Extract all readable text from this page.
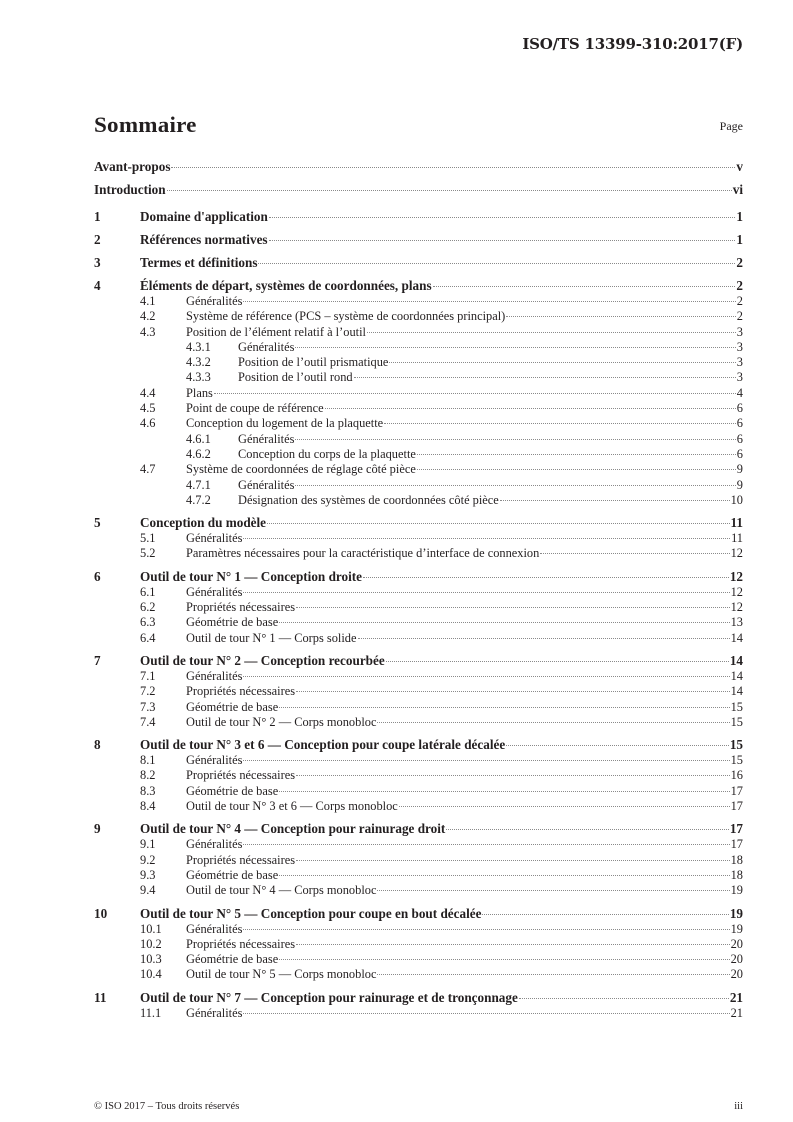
ISO/TS 13399-310:2017(F)
Sommaire	Page
Avant-propos	v
Introduction	vi
1	Domaine d'application	1
2	Références normatives	1
3	Termes et définitions	2
4	Éléments de départ, systèmes de coordonnées, plans	2
4.1	Généralités	2
4.2	Système de référence (PCS – système de coordonnées principal)	2
4.3	Position de l’élément relatif à l’outil	3
4.3.1	Généralités	3
4.3.2	Position de l’outil prismatique	3
4.3.3	Position de l’outil rond	3
4.4	Plans	4
4.5	Point de coupe de référence	6
4.6	Conception du logement de la plaquette	6
4.6.1	Généralités	6
4.6.2	Conception du corps de la plaquette	6
4.7	Système de coordonnées de réglage côté pièce	9
4.7.1	Généralités	9
4.7.2	Désignation des systèmes de coordonnées côté pièce	10
5	Conception du modèle	11
5.1	Généralités	11
5.2	Paramètres nécessaires pour la caractéristique d’interface de connexion	12
6	Outil de tour N° 1 — Conception droite	12
6.1	Généralités	12
6.2	Propriétés nécessaires	12
6.3	Géométrie de base	13
6.4	Outil de tour N° 1 — Corps solide	14
7	Outil de tour N° 2 — Conception recourbée	14
7.1	Généralités	14
7.2	Propriétés nécessaires	14
7.3	Géométrie de base	15
7.4	Outil de tour N° 2 — Corps monobloc	15
8	Outil de tour N° 3 et 6 — Conception pour coupe latérale décalée	15
8.1	Généralités	15
8.2	Propriétés nécessaires	16
8.3	Géométrie de base	17
8.4	Outil de tour N° 3 et 6 — Corps monobloc	17
9	Outil de tour N° 4 — Conception pour rainurage droit	17
9.1	Généralités	17
9.2	Propriétés nécessaires	18
9.3	Géométrie de base	18
9.4	Outil de tour N° 4 — Corps monobloc	19
10	Outil de tour N° 5 — Conception pour coupe en bout décalée	19
10.1	Généralités	19
10.2	Propriétés nécessaires	20
10.3	Géométrie de base	20
10.4	Outil de tour N° 5 — Corps monobloc	20
11	Outil de tour N° 7 — Conception pour rainurage et de tronçonnage	21
11.1	Généralités	21
© ISO 2017 – Tous droits réservés	iii
